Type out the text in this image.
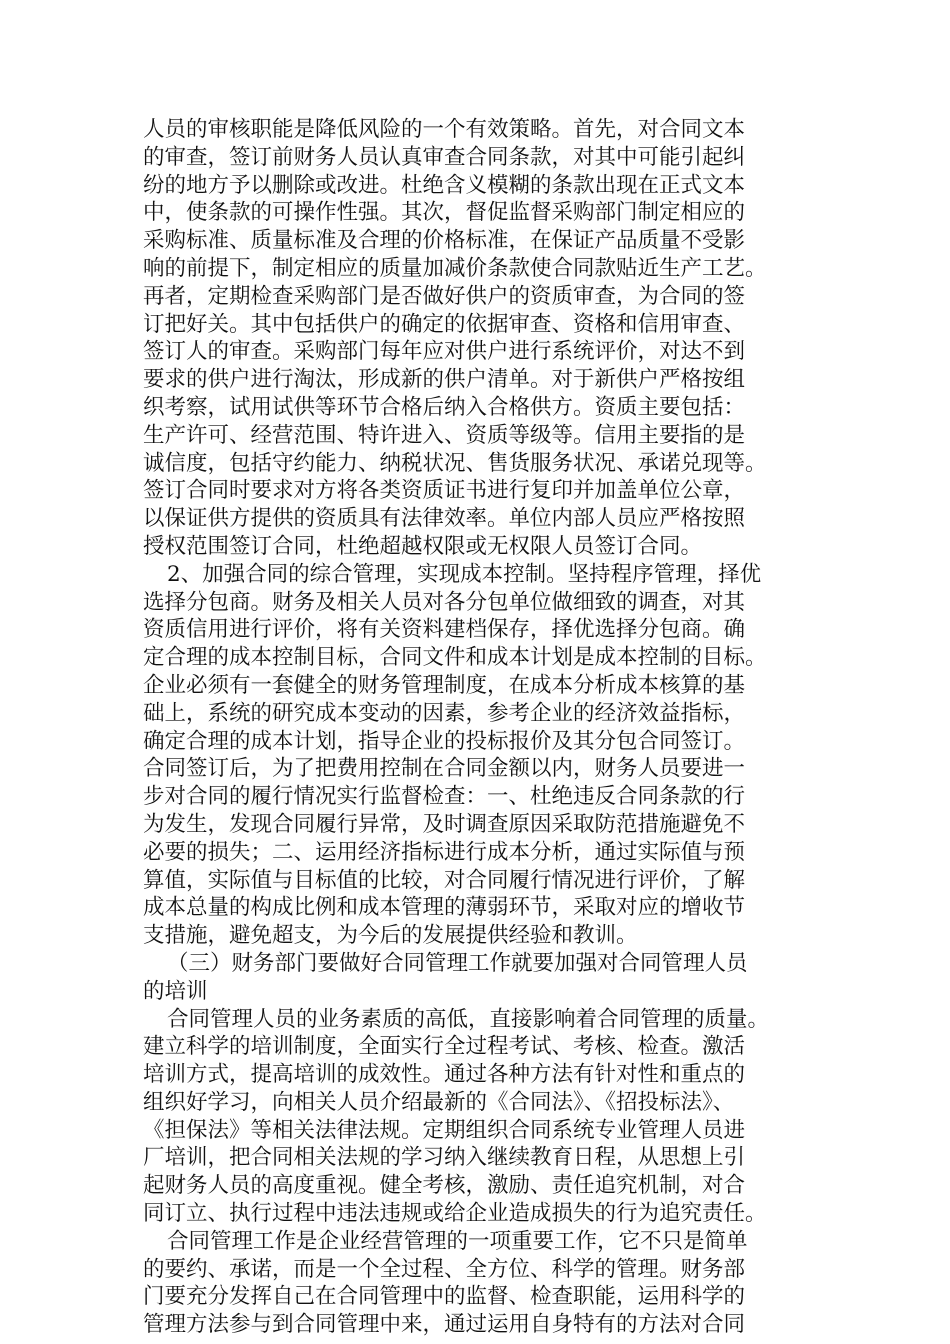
人员的审核职能是降低风险的一个有效策略。首先，对合同文本
的审查，签订前财务人员认真审查合同条款，对其中可能引起纠
纷的地方予以删除或改进。杜绝含义模糊的条款出现在正式文本
中，使条款的可操作性强。其次，督促监督采购部门制定相应的
采购标准、质量标准及合理的价格标准，在保证产品质量不受影
响的前提下，制定相应的质量加减价条款使合同款贴近生产工艺。
再者，定期检查采购部门是否做好供户的资质审查，为合同的签
订把好关。其中包括供户的确定的依据审查、资格和信用审查、
签订人的审查。采购部门每年应对供户进行系统评价，对达不到
要求的供户进行淘汰，形成新的供户清单。对于新供户严格按组
织考察，试用试供等环节合格后纳入合格供方。资质主要包括：
生产许可、经营范围、特许进入、资质等级等。信用主要指的是
诚信度，包括守约能力、纳税状况、售货服务状况、承诺兑现等。
签订合同时要求对方将各类资质证书进行复印并加盖单位公章，
以保证供方提供的资质具有法律效率。单位内部人员应严格按照
授权范围签订合同，杜绝超越权限或无权限人员签订合同。
2、加强合同的综合管理，实现成本控制。坚持程序管理，择优
选择分包商。财务及相关人员对各分包单位做细致的调查，对其
资质信用进行评价，将有关资料建档保存，择优选择分包商。确
定合理的成本控制目标，合同文件和成本计划是成本控制的目标。
企业必须有一套健全的财务管理制度，在成本分析成本核算的基
础上，系统的研究成本变动的因素，参考企业的经济效益指标，
确定合理的成本计划，指导企业的投标报价及其分包合同签订。
合同签订后，为了把费用控制在合同金额以内，财务人员要进一
步对合同的履行情况实行监督检查：一、杜绝违反合同条款的行
为发生，发现合同履行异常，及时调查原因采取防范措施避免不
必要的损失；二、运用经济指标进行成本分析，通过实际值与预
算值，实际值与目标值的比较，对合同履行情况进行评价，了解
成本总量的构成比例和成本管理的薄弱环节，采取对应的增收节
支措施，避免超支，为今后的发展提供经验和教训。
（三）财务部门要做好合同管理工作就要加强对合同管理人员
的培训
合同管理人员的业务素质的高低，直接影响着合同管理的质量。
建立科学的培训制度，全面实行全过程考试、考核、检查。激活
培训方式，提高培训的成效性。通过各种方法有针对性和重点的
组织好学习，向相关人员介绍最新的《合同法》、《招投标法》、
《担保法》等相关法律法规。定期组织合同系统专业管理人员进
厂培训，把合同相关法规的学习纳入继续教育日程，从思想上引
起财务人员的高度重视。健全考核，激励、责任追究机制，对合
同订立、执行过程中违法违规或给企业造成损失的行为追究责任。
合同管理工作是企业经营管理的一项重要工作，它不只是简单
的要约、承诺，而是一个全过程、全方位、科学的管理。财务部
门要充分发挥自己在合同管理中的监督、检查职能，运用科学的
管理方法参与到合同管理中来，通过运用自身特有的方法对合同
